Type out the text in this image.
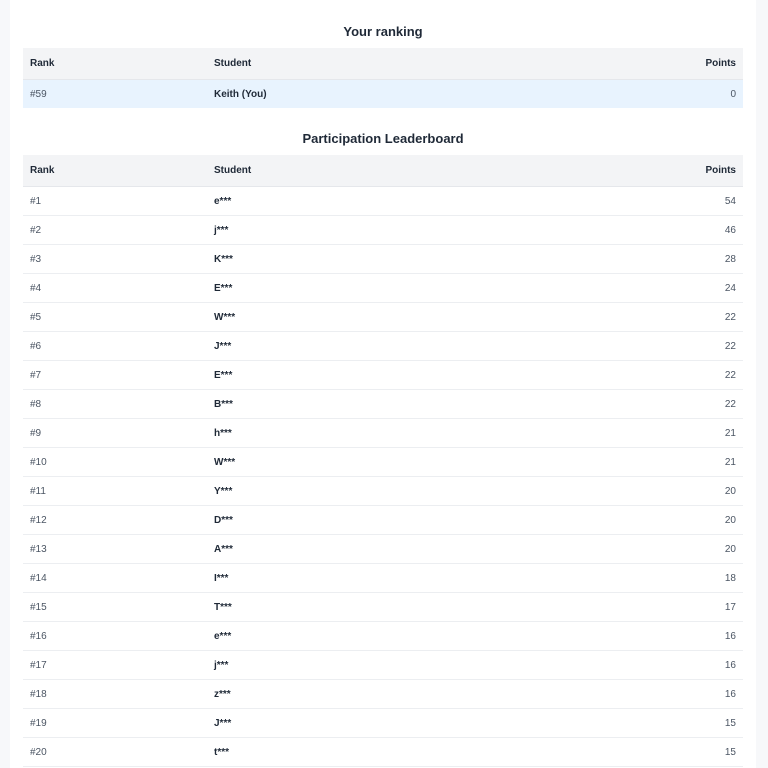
Your ranking
Rank	Student	Points
#59	Keith (You)	0
Participation Leaderboard
Rank	Student	Points
#1	e***	54
#2	j***	46
#3	K***	28
#4	E***	24
#5	W***	22
#6	J***	22
#7	E***	22
#8	B***	22
#9	h***	21
#10	W***	21
#11	Y***	20
#12	D***	20
#13	A***	20
#14	I***	18
#15	T***	17
#16	e***	16
#17	j***	16
#18	z***	16
#19	J***	15
#20	t***	15
